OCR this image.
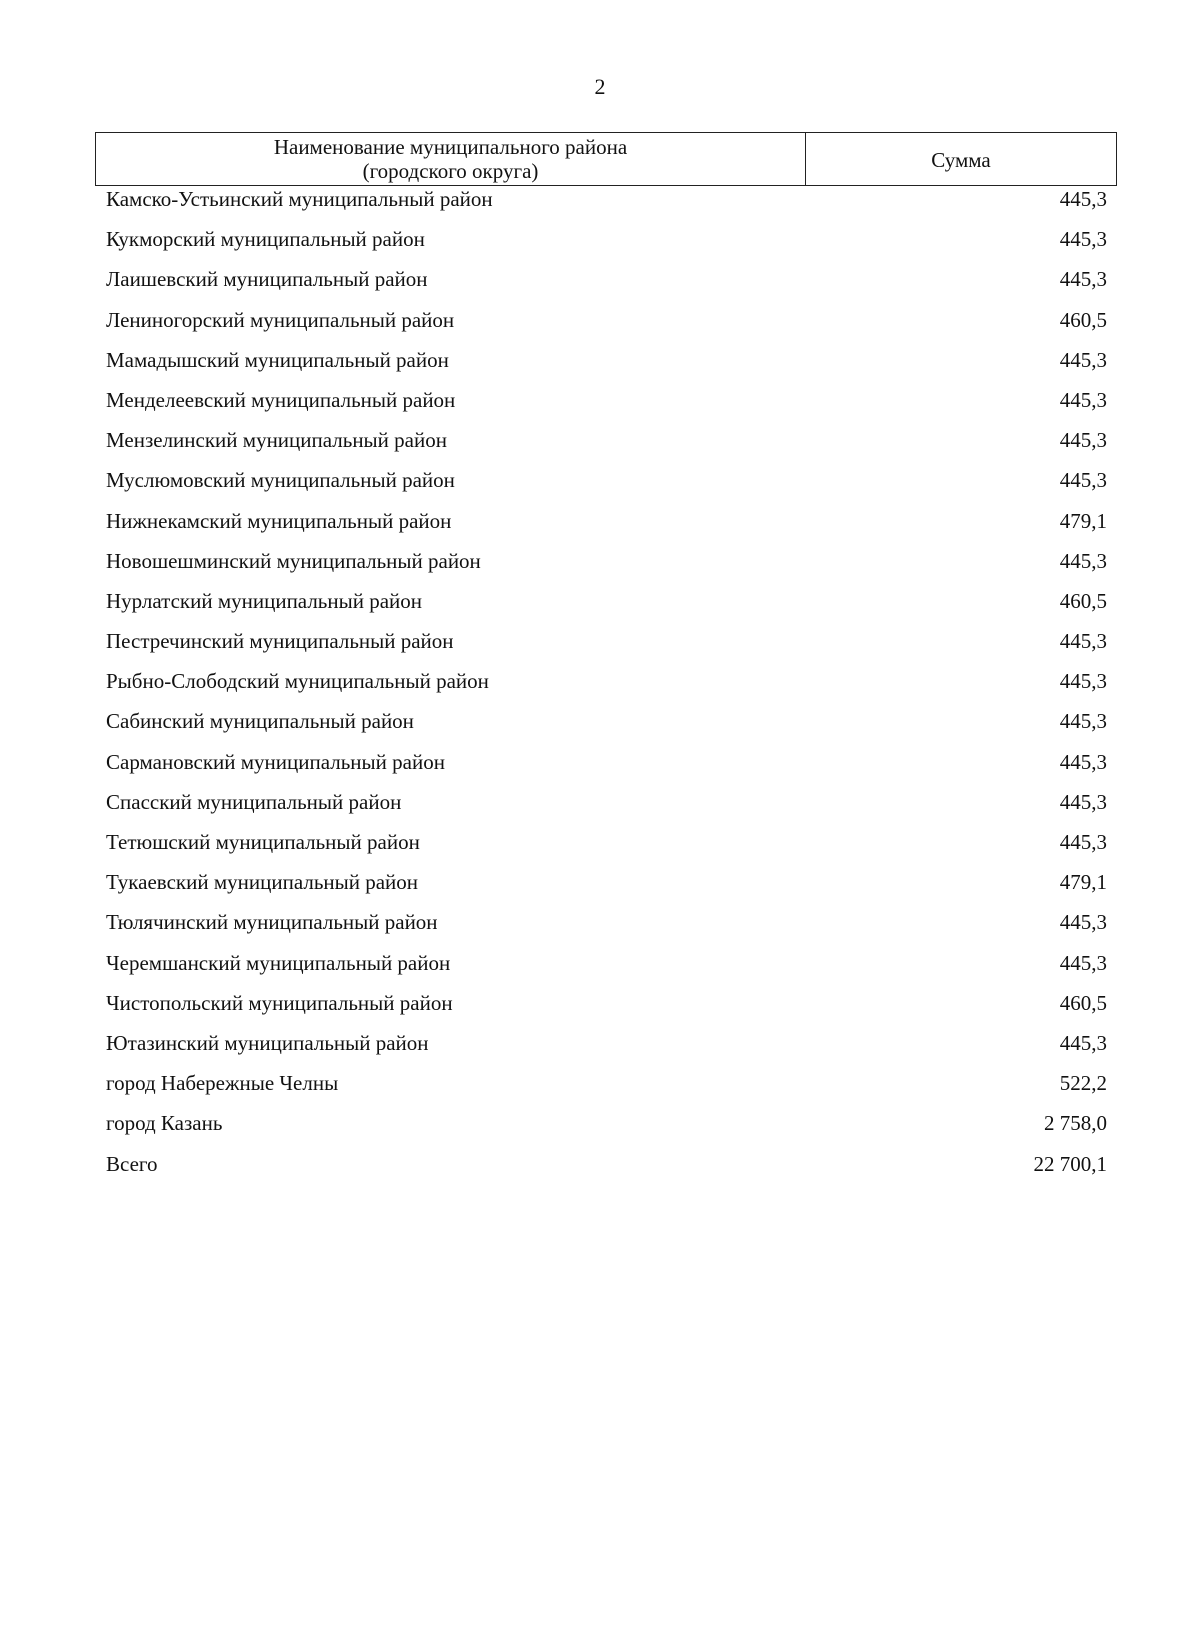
2
Наименование муниципального района
(городского округа)	Сумма
Камско-Устьинский муниципальный район	445,3
Кукморский муниципальный район	445,3
Лаишевский муниципальный район	445,3
Лениногорский муниципальный район	460,5
Мамадышский муниципальный район	445,3
Менделеевский муниципальный район	445,3
Мензелинский муниципальный район	445,3
Муслюмовский муниципальный район	445,3
Нижнекамский муниципальный район	479,1
Новошешминский муниципальный район	445,3
Нурлатский муниципальный район	460,5
Пестречинский муниципальный район	445,3
Рыбно-Слободский муниципальный район	445,3
Сабинский муниципальный район	445,3
Сармановский муниципальный район	445,3
Спасский муниципальный район	445,3
Тетюшский муниципальный район	445,3
Тукаевский муниципальный район	479,1
Тюлячинский муниципальный район	445,3
Черемшанский муниципальный район	445,3
Чистопольский муниципальный район	460,5
Ютазинский муниципальный район	445,3
город Набережные Челны	522,2
город Казань	2 758,0
Всего	22 700,1
